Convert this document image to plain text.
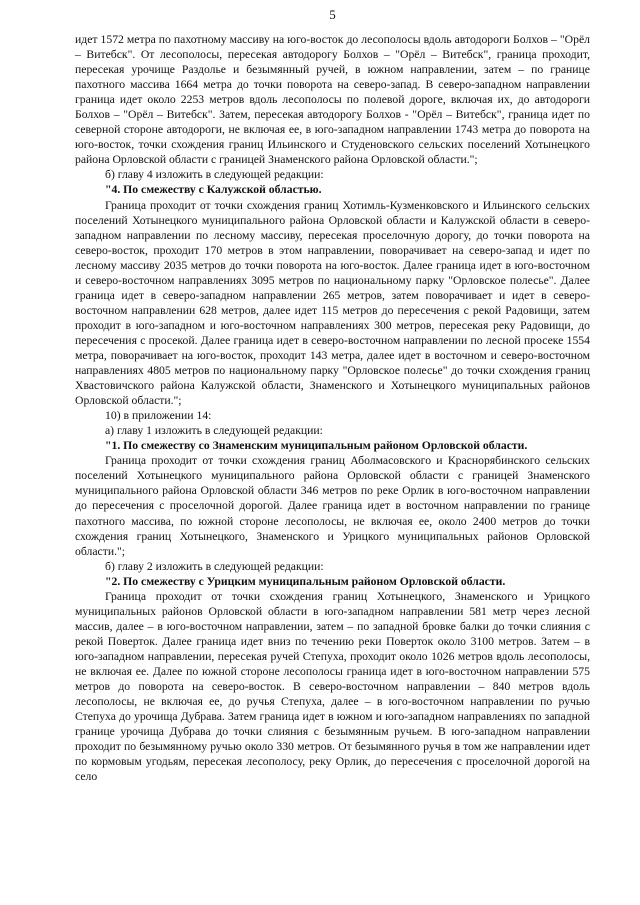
5

идет 1572 метра по пахотному массиву на юго-восток до лесополосы вдоль автодороги Болхов – "Орёл – Витебск". От лесополосы, пересекая автодорогу Болхов – "Орёл – Витебск", граница проходит, пересекая урочище Раздолье и безымянный ручей, в южном направлении, затем – по границе пахотного массива 1664 метра до точки поворота на северо-запад. В северо-западном направлении граница идет около 2253 метров вдоль лесополосы по полевой дороге, включая их, до автодороги Болхов – "Орёл – Витебск". Затем, пересекая автодорогу Болхов - "Орёл – Витебск", граница идет по северной стороне автодороги, не включая ее, в юго-западном направлении 1743 метра до поворота на юго-восток, точки схождения границ Ильинского и Студеновского сельских поселений Хотынецкого района Орловской области с границей Знаменского района Орловской области.";

б) главу 4 изложить в следующей редакции:

"4. По смежеству с Калужской областью.

Граница проходит от точки схождения границ Хотимль-Кузменковского и Ильинского сельских поселений Хотынецкого муниципального района Орловской области и Калужской области в северо-западном направлении по лесному массиву, пересекая проселочную дорогу, до точки поворота на северо-восток, проходит 170 метров в этом направлении, поворачивает на северо-запад и идет по лесному массиву 2035 метров до точки поворота на юго-восток. Далее граница идет в юго-восточном и северо-восточном направлениях 3095 метров по национальному парку "Орловское полесье". Далее граница идет в северо-западном направлении 265 метров, затем поворачивает и идет в северо-восточном направлении 628 метров, далее идет 115 метров до пересечения с рекой Радовищи, затем проходит в юго-западном и юго-восточном направлениях 300 метров, пересекая реку Радовищи, до пересечения с просекой. Далее граница идет в северо-восточном направлении по лесной просеке 1554 метра, поворачивает на юго-восток, проходит 143 метра, далее идет в восточном и северо-восточном направлениях 4805 метров по национальному парку "Орловское полесье" до точки схождения границ Хвастовичского района Калужской области, Знаменского и Хотынецкого муниципальных районов Орловской области.";

10) в приложении 14:

а) главу 1 изложить в следующей редакции:

"1. По смежеству со Знаменским муниципальным районом Орловской области.

Граница проходит от точки схождения границ Аболмасовского и Краснорябинского сельских поселений Хотынецкого муниципального района Орловской области с границей Знаменского муниципального района Орловской области 346 метров по реке Орлик в юго-восточном направлении до пересечения с проселочной дорогой. Далее граница идет в восточном направлении по границе пахотного массива, по южной стороне лесополосы, не включая ее, около 2400 метров до точки схождения границ Хотынецкого, Знаменского и Урицкого муниципальных районов Орловской области.";

б) главу 2 изложить в следующей редакции:

"2. По смежеству с Урицким муниципальным районом Орловской области.

Граница проходит от точки схождения границ Хотынецкого, Знаменского и Урицкого муниципальных районов Орловской области в юго-западном направлении 581 метр через лесной массив, далее – в юго-восточном направлении, затем – по западной бровке балки до точки слияния с рекой Поверток. Далее граница идет вниз по течению реки Поверток около 3100 метров. Затем – в юго-западном направлении, пересекая ручей Степуха, проходит около 1026 метров вдоль лесополосы, не включая ее. Далее по южной стороне лесополосы граница идет в юго-восточном направлении 575 метров до поворота на северо-восток. В северо-восточном направлении – 840 метров вдоль лесополосы, не включая ее, до ручья Степуха, далее – в юго-восточном направлении по ручью Степуха до урочища Дубрава. Затем граница идет в южном и юго-западном направлениях по западной границе урочища Дубрава до точки слияния с безымянным ручьем. В юго-западном направлении проходит по безымянному ручью около 330 метров. От безымянного ручья в том же направлении идет по кормовым угодьям, пересекая лесополосу, реку Орлик, до пересечения с проселочной дорогой на село
